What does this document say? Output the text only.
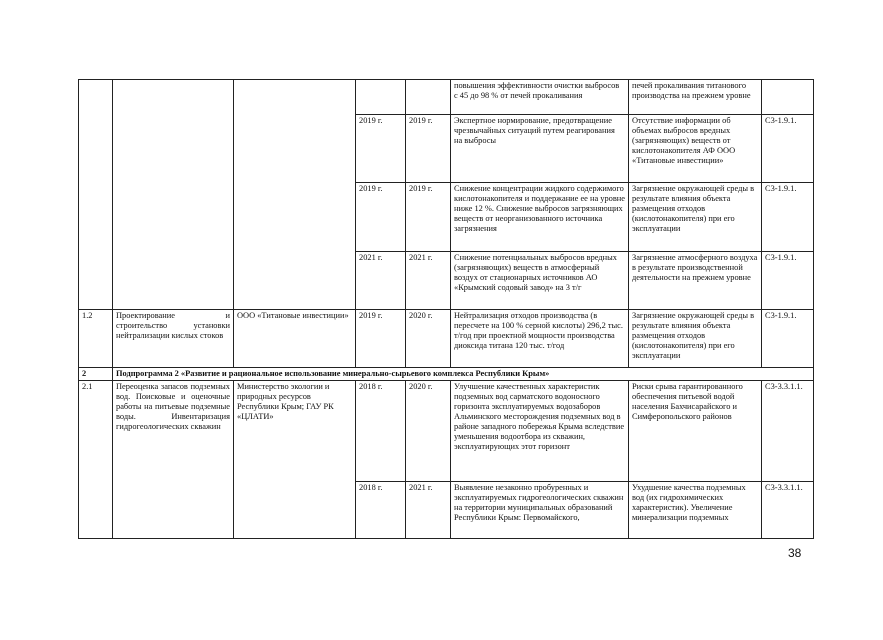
					повышения эффективности очистки выбросов с 45 до 98 % от печей прокаливания	печей прокаливания титанового производства на прежнем уровне	
			2019 г.	2019 г.	Экспертное нормирование, предотвращение чрезвычайных ситуаций путем реагирования на выбросы	Отсутствие информации об объемах выбросов вредных (загрязняющих) веществ от кислотонакопителя АФ ООО «Титановые инвестиции»	С3-1.9.1.
			2019 г.	2019 г.	Снижение концентрации жидкого содержимого кислотонакопителя и поддержание ее на уровне ниже 12 %. Снижение выбросов загрязняющих веществ от неорганизованного источника загрязнения	Загрязнение окружающей среды в результате влияния объекта размещения отходов (кислотонакопителя) при его эксплуатации	С3-1.9.1.
			2021 г.	2021 г.	Снижение потенциальных выбросов вредных (загрязняющих) веществ в атмосферный воздух от стационарных источников АО «Крымский содовый завод» на 3 т/г	Загрязнение атмосферного воздуха в результате производственной деятельности на прежнем уровне	С3-1.9.1.
1.2	Проектирование и строительство установки нейтрализации кислых стоков	ООО «Титановые инвестиции»	2019 г.	2020 г.	Нейтрализация отходов производства (в пересчете на 100 % серной кислоты) 296,2 тыс. т/год при проектной мощности производства диоксида титана 120 тыс. т/год	Загрязнение окружающей среды в результате влияния объекта размещения отходов (кислотонакопителя) при его эксплуатации	С3-1.9.1.
2	Подпрограмма 2 «Развитие и рациональное использование минерально-сырьевого комплекса Республики Крым»						
2.1	Переоценка запасов подземных вод. Поисковые и оценочные работы на питьевые подземные воды. Инвентаризация гидрогеологических скважин	Министерство экологии и природных ресурсов Республики Крым; ГАУ РК «ЦЛАТИ»	2018 г.	2020 г.	Улучшение качественных характеристик подземных вод сарматского водоносного горизонта эксплуатируемых водозаборов Альминского месторождения подземных вод в районе западного побережья Крыма вследствие уменьшения водоотбора из скважин, эксплуатирующих этот горизонт	Риски срыва гарантированного обеспечения питьевой водой населения Бахчисарайского и Симферопольского районов	С3-3.3.1.1.
			2018 г.	2021 г.	Выявление незаконно пробуренных и эксплуатируемых гидрогеологических скважин на территории муниципальных образований Республики Крым: Первомайского,	Ухудшение качества подземных вод (их гидрохимических характеристик). Увеличение минерализации подземных	С3-3.3.1.1.
38
